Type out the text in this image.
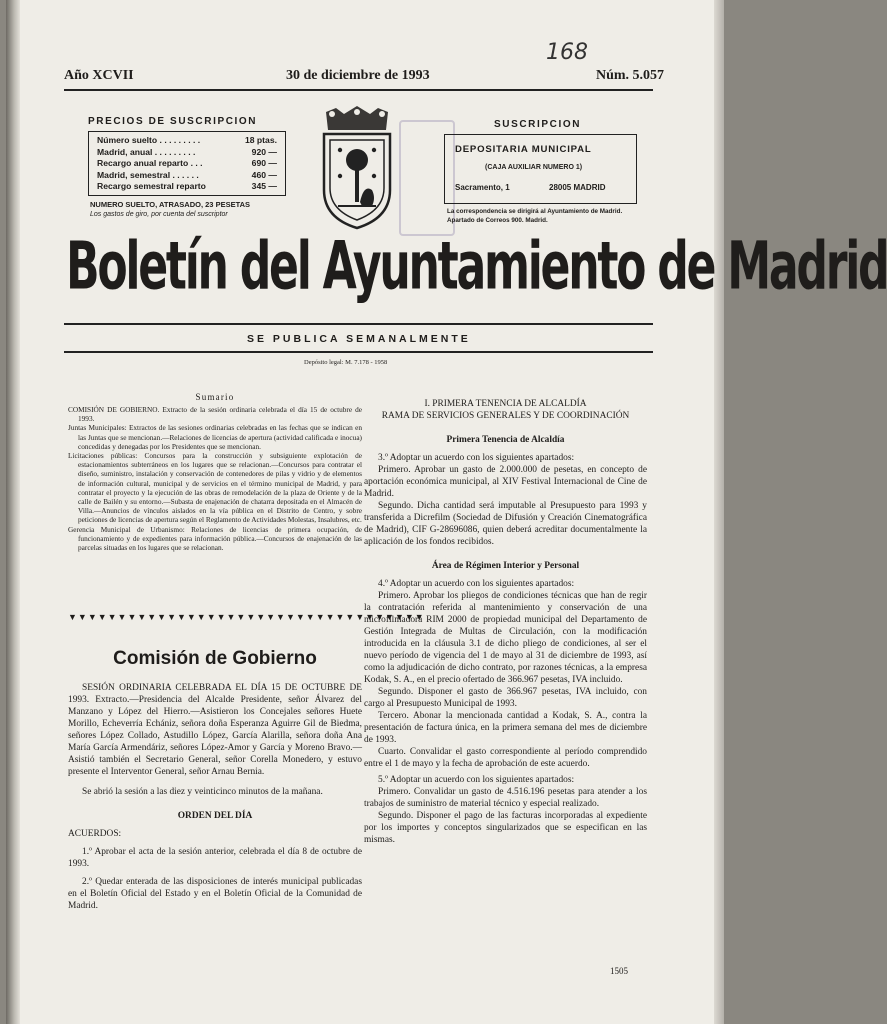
168
Año XCVII	30 de diciembre de 1993	Núm. 5.057
PRECIOS DE SUSCRIPCION
Número suelto . . . . . . . . .	18 ptas.
Madrid, anual . . . . . . . . .	920 —
Recargo anual reparto . . .	690 —
Madrid, semestral . . . . . .	460 —
Recargo semestral reparto	345 —
NUMERO SUELTO, ATRASADO, 23 PESETAS
Los gastos de giro, por cuenta del suscriptor
SUSCRIPCION
DEPOSITARIA MUNICIPAL
(CAJA AUXILIAR NUMERO 1)
Sacramento, 1	28005 MADRID
La correspondencia se dirigirá al Ayuntamiento de Madrid. Apartado de Correos 900. Madrid.
Boletín del Ayuntamiento de Madrid
SE PUBLICA SEMANALMENTE
Depósito legal: M. 7.178 - 1958
Sumario

COMISIÓN DE GOBIERNO. Extracto de la sesión ordinaria celebrada el día 15 de octubre de 1993.

Juntas Municipales: Extractos de las sesiones ordinarias celebradas en las fechas que se indican en las Juntas que se mencionan.—Relaciones de licencias de apertura (actividad calificada e inocua) concedidas y denegadas por los Presidentes que se mencionan.

Licitaciones públicas: Concursos para la construcción y subsiguiente explotación de estacionamientos subterráneos en los lugares que se relacionan.—Concursos para contratar el diseño, suministro, instalación y conservación de contenedores de pilas y vidrio y de elementos de información cultural, municipal y de servicios en el término municipal de Madrid, y para contratar el proyecto y la ejecución de las obras de remodelación de la plaza de Oriente y de la calle de Bailén y su entorno.—Subasta de enajenación de chatarra depositada en el Almacén de Villa.—Anuncios de vínculos aislados en la vía pública en el Distrito de Centro, y sobre peticiones de licencias de apertura según el Reglamento de Actividades Molestas, Insalubres, etc.

Gerencia Municipal de Urbanismo: Relaciones de licencias de primera ocupación, de funcionamiento y de expedientes para información pública.—Concursos de enajenación de las parcelas situadas en los lugares que se relacionan.

▼▼▼▼▼▼▼▼▼▼▼▼▼▼▼▼▼▼▼▼▼▼▼▼▼▼▼▼▼▼▼▼▼▼▼▼
Comisión de Gobierno

SESIÓN ORDINARIA CELEBRADA EL DÍA 15 DE OCTUBRE DE 1993. Extracto.—Presidencia del Alcalde Presidente, señor Álvarez del Manzano y López del Hierro.—Asistieron los Concejales señores Huete Morillo, Echeverría Echániz, señora doña Esperanza Aguirre Gil de Biedma, señores López Collado, Astudillo López, García Alarilla, señora doña Ana María García Armendáriz, señores López-Amor y García y Moreno Bravo.—Asistió también el Secretario General, señor Corella Monedero, y estuvo presente el Interventor General, señor Arnau Bernia.

Se abrió la sesión a las diez y veinticinco minutos de la mañana.

ORDEN DEL DÍA
ACUERDOS:

1.º Aprobar el acta de la sesión anterior, celebrada el día 8 de octubre de 1993.

2.º Quedar enterada de las disposiciones de interés municipal publicadas en el Boletín Oficial del Estado y en el Boletín Oficial de la Comunidad de Madrid.

I. PRIMERA TENENCIA DE ALCALDÍA
RAMA DE SERVICIOS GENERALES Y DE COORDINACIÓN
Primera Tenencia de Alcaldía

3.º Adoptar un acuerdo con los siguientes apartados:

Primero. Aprobar un gasto de 2.000.000 de pesetas, en concepto de aportación económica municipal, al XIV Festival Internacional de Cine de Madrid.

Segundo. Dicha cantidad será imputable al Presupuesto para 1993 y transferida a Dicrefilm (Sociedad de Difusión y Creación Cinematográfica de Madrid), CIF G-28696086, quien deberá acreditar documentalmente la aplicación de los fondos recibidos.

Área de Régimen Interior y Personal

4.º Adoptar un acuerdo con los siguientes apartados:

Primero. Aprobar los pliegos de condiciones técnicas que han de regir la contratación referida al mantenimiento y conservación de una microfilmadora RIM 2000 de propiedad municipal del Departamento de Gestión Integrada de Multas de Circulación, con la modificación introducida en la cláusula 3.1 de dicho pliego de condiciones, al ser el nuevo período de vigencia del 1 de mayo al 31 de diciembre de 1993, así como la adjudicación de dicho contrato, por razones técnicas, a la empresa Kodak, S. A., en el precio ofertado de 366.967 pesetas, IVA incluido.

Segundo. Disponer el gasto de 366.967 pesetas, IVA incluido, con cargo al Presupuesto Municipal de 1993.

Tercero. Abonar la mencionada cantidad a Kodak, S. A., contra la presentación de factura única, en la primera semana del mes de diciembre de 1993.

Cuarto. Convalidar el gasto correspondiente al período comprendido entre el 1 de mayo y la fecha de aprobación de este acuerdo.

5.º Adoptar un acuerdo con los siguientes apartados:

Primero. Convalidar un gasto de 4.516.196 pesetas para atender a los trabajos de suministro de material técnico y especial realizado.

Segundo. Disponer el pago de las facturas incorporadas al expediente por los importes y conceptos singularizados que se especifican en las mismas.

1505
